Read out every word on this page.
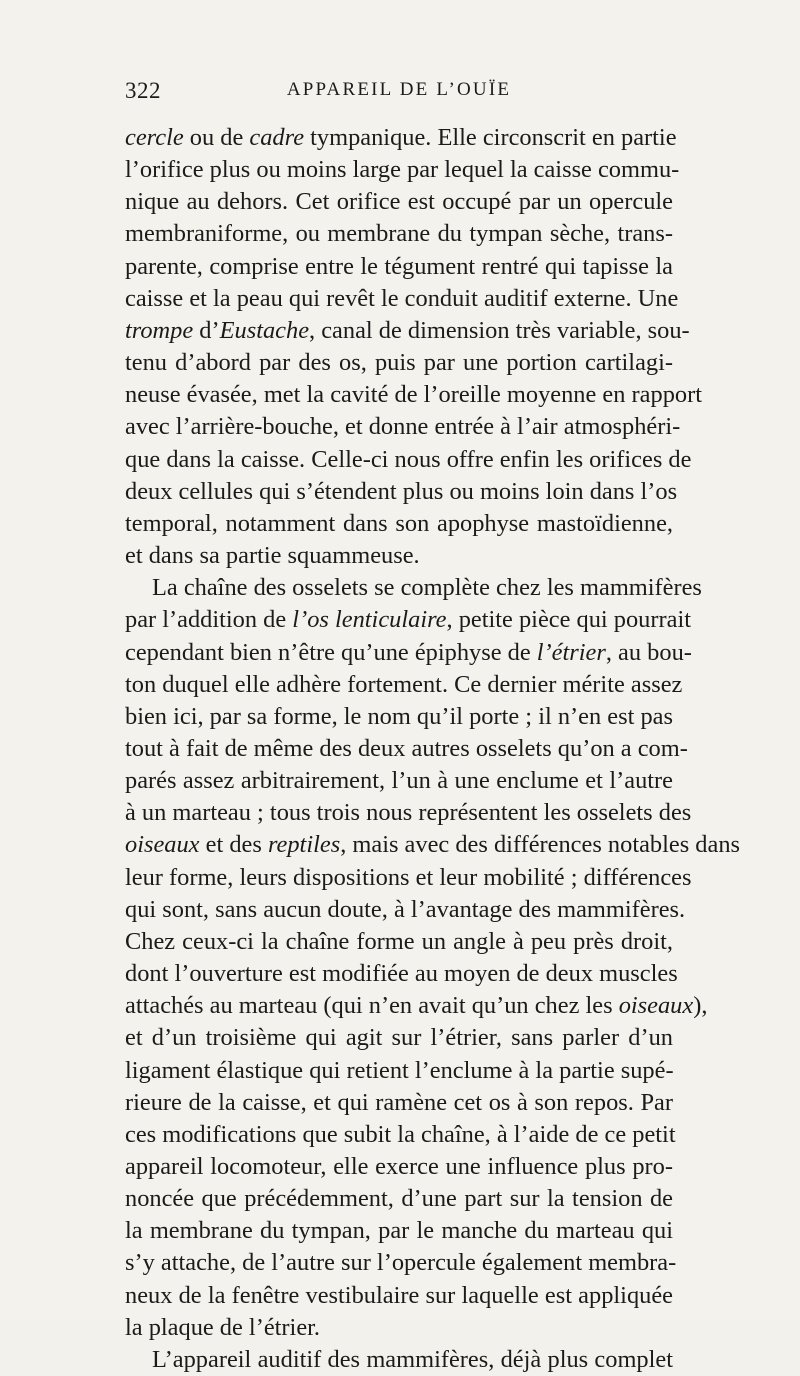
322	APPAREIL DE L’OUÏE
cercle ou de cadre tympanique. Elle circonscrit en partie
l’orifice plus ou moins large par lequel la caisse commu-
nique au dehors. Cet orifice est occupé par un opercule
membraniforme, ou membrane du tympan sèche, trans-
parente, comprise entre le tégument rentré qui tapisse la
caisse et la peau qui revêt le conduit auditif externe. Une
trompe d’Eustache, canal de dimension très variable, sou-
tenu d’abord par des os, puis par une portion cartilagi-
neuse évasée, met la cavité de l’oreille moyenne en rapport
avec l’arrière-bouche, et donne entrée à l’air atmosphéri-
que dans la caisse. Celle-ci nous offre enfin les orifices de
deux cellules qui s’étendent plus ou moins loin dans l’os
temporal, notamment dans son apophyse mastoïdienne,
et dans sa partie squammeuse.
La chaîne des osselets se complète chez les mammifères
par l’addition de l’os lenticulaire, petite pièce qui pourrait
cependant bien n’être qu’une épiphyse de l’étrier, au bou-
ton duquel elle adhère fortement. Ce dernier mérite assez
bien ici, par sa forme, le nom qu’il porte ; il n’en est pas
tout à fait de même des deux autres osselets qu’on a com-
parés assez arbitrairement, l’un à une enclume et l’autre
à un marteau ; tous trois nous représentent les osselets des
oiseaux et des reptiles, mais avec des différences notables dans
leur forme, leurs dispositions et leur mobilité ; différences
qui sont, sans aucun doute, à l’avantage des mammifères.
Chez ceux-ci la chaîne forme un angle à peu près droit,
dont l’ouverture est modifiée au moyen de deux muscles
attachés au marteau (qui n’en avait qu’un chez les oiseaux),
et d’un troisième qui agit sur l’étrier, sans parler d’un
ligament élastique qui retient l’enclume à la partie supé-
rieure de la caisse, et qui ramène cet os à son repos. Par
ces modifications que subit la chaîne, à l’aide de ce petit
appareil locomoteur, elle exerce une influence plus pro-
noncée que précédemment, d’une part sur la tension de
la membrane du tympan, par le manche du marteau qui
s’y attache, de l’autre sur l’opercule également membra-
neux de la fenêtre vestibulaire sur laquelle est appliquée
la plaque de l’étrier.
L’appareil auditif des mammifères, déjà plus complet
